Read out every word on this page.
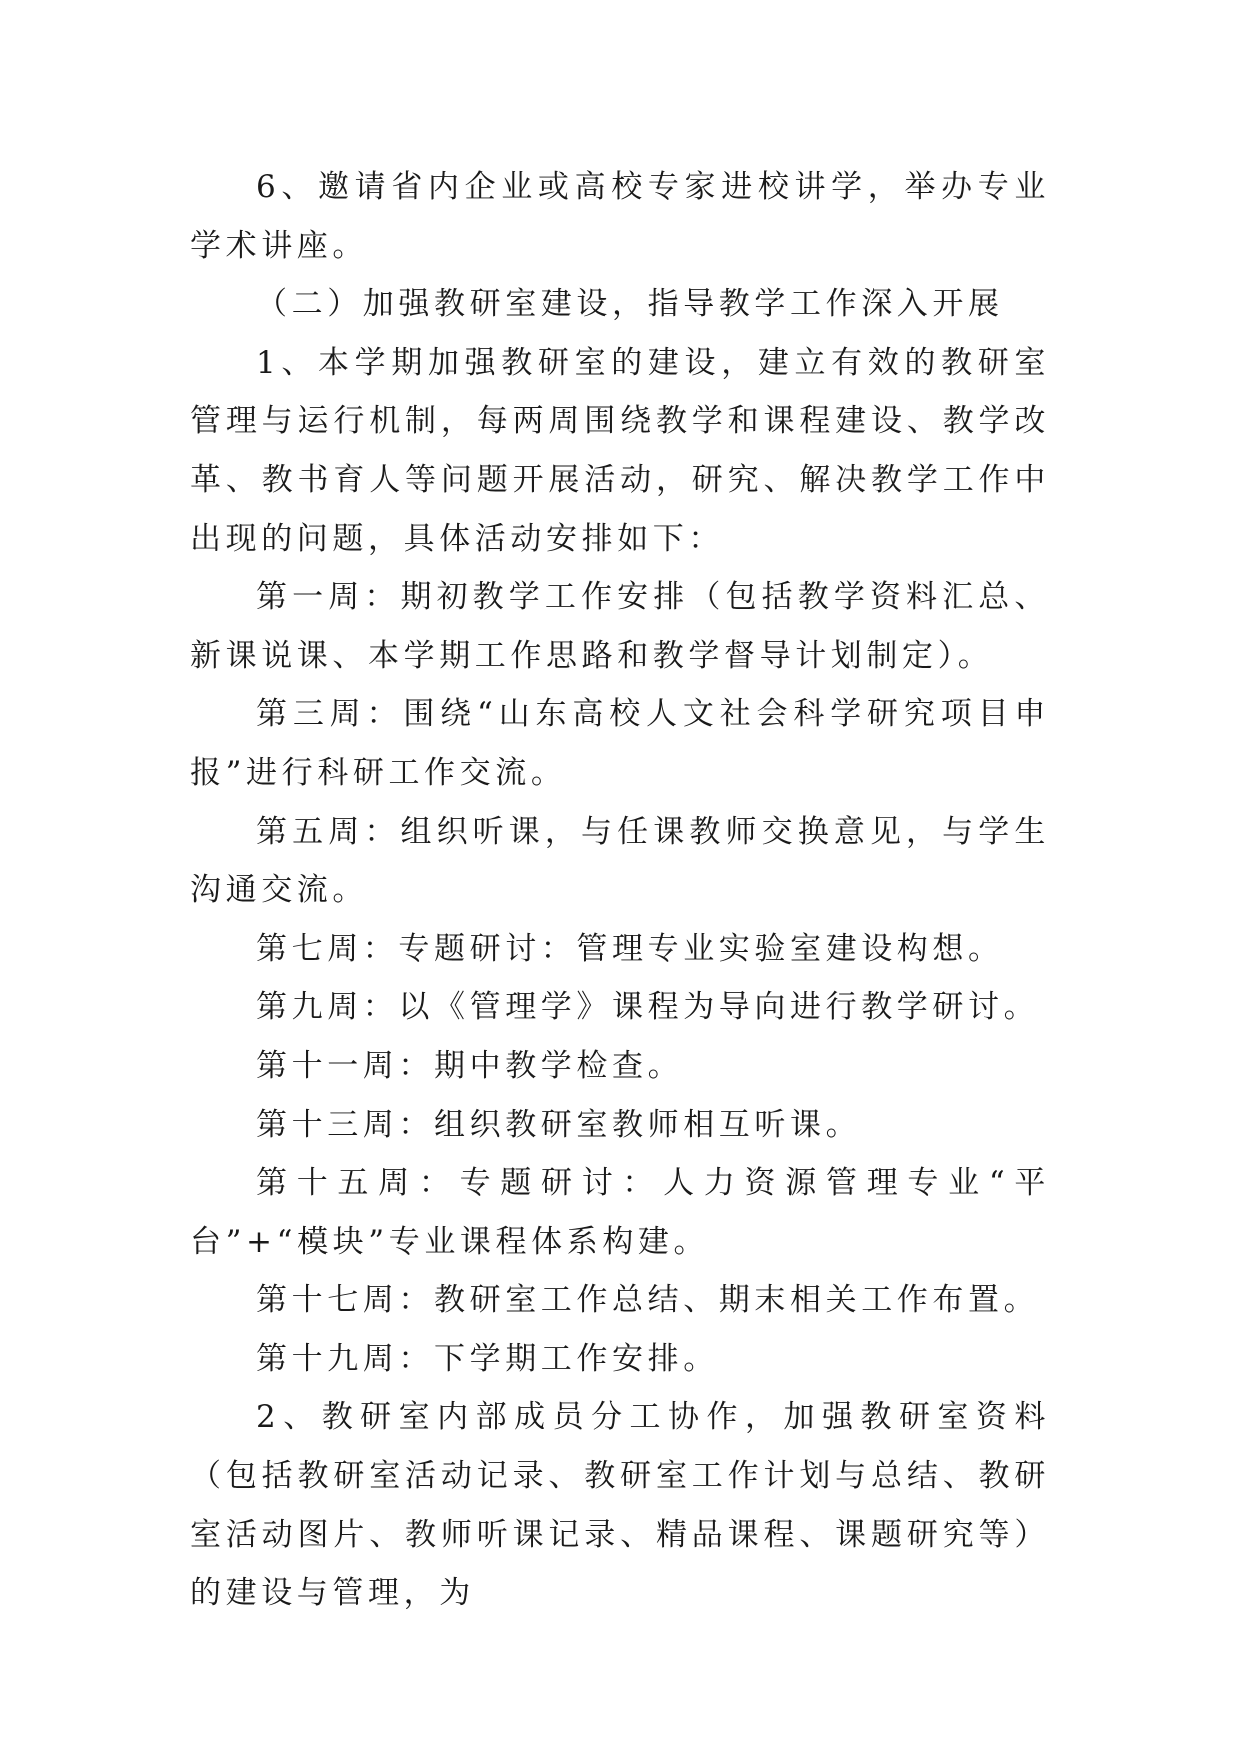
6、邀请省内企业或高校专家进校讲学，举办专业学术讲座。

（二）加强教研室建设，指导教学工作深入开展

1、本学期加强教研室的建设，建立有效的教研室管理与运行机制，每两周围绕教学和课程建设、教学改革、教书育人等问题开展活动，研究、解决教学工作中出现的问题，具体活动安排如下：

第一周：期初教学工作安排（包括教学资料汇总、新课说课、本学期工作思路和教学督导计划制定）。

第三周：围绕“山东高校人文社会科学研究项目申报”进行科研工作交流。

第五周：组织听课，与任课教师交换意见，与学生沟通交流。

第七周：专题研讨：管理专业实验室建设构想。

第九周：以《管理学》课程为导向进行教学研讨。

第十一周：期中教学检查。

第十三周：组织教研室教师相互听课。

第十五周：专题研讨：人力资源管理专业“平台”+“模块”专业课程体系构建。

第十七周：教研室工作总结、期末相关工作布置。

第十九周：下学期工作安排。

2、教研室内部成员分工协作，加强教研室资料（包括教研室活动记录、教研室工作计划与总结、教研室活动图片、教师听课记录、精品课程、课题研究等）的建设与管理，为
